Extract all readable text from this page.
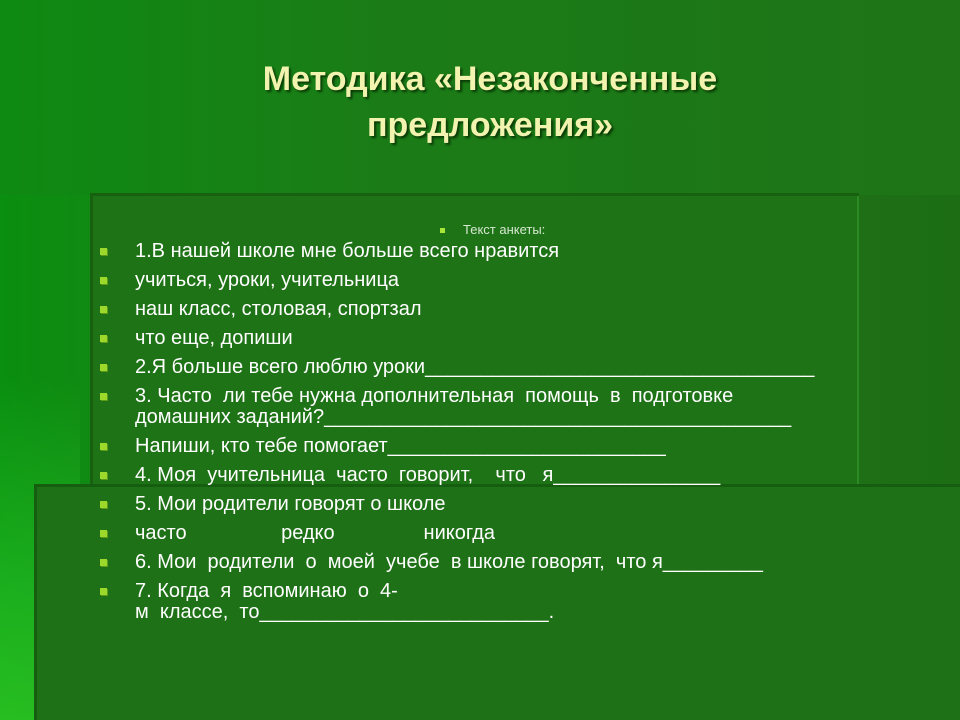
Методика «Незаконченные
предложения»
Текст анкеты:
1.В нашей школе мне больше всего нравится
учиться, уроки, учительница
наш класс, столовая, спортзал
что еще, допиши
2.Я больше всего люблю уроки___________________________________
3. Часто  ли тебе нужна дополнительная  помощь  в  подготовке
домашних заданий?__________________________________________
Напиши, кто тебе помогает_________________________
4. Моя  учительница  часто  говорит,    что   я_______________
5. Мои родители говорят о школе
часто                 редко                никогда
6. Мои  родители  о  моей  учебе  в школе говорят,  что я_________
7. Когда  я  вспоминаю  о  4-
м  классе,  то__________________________.
